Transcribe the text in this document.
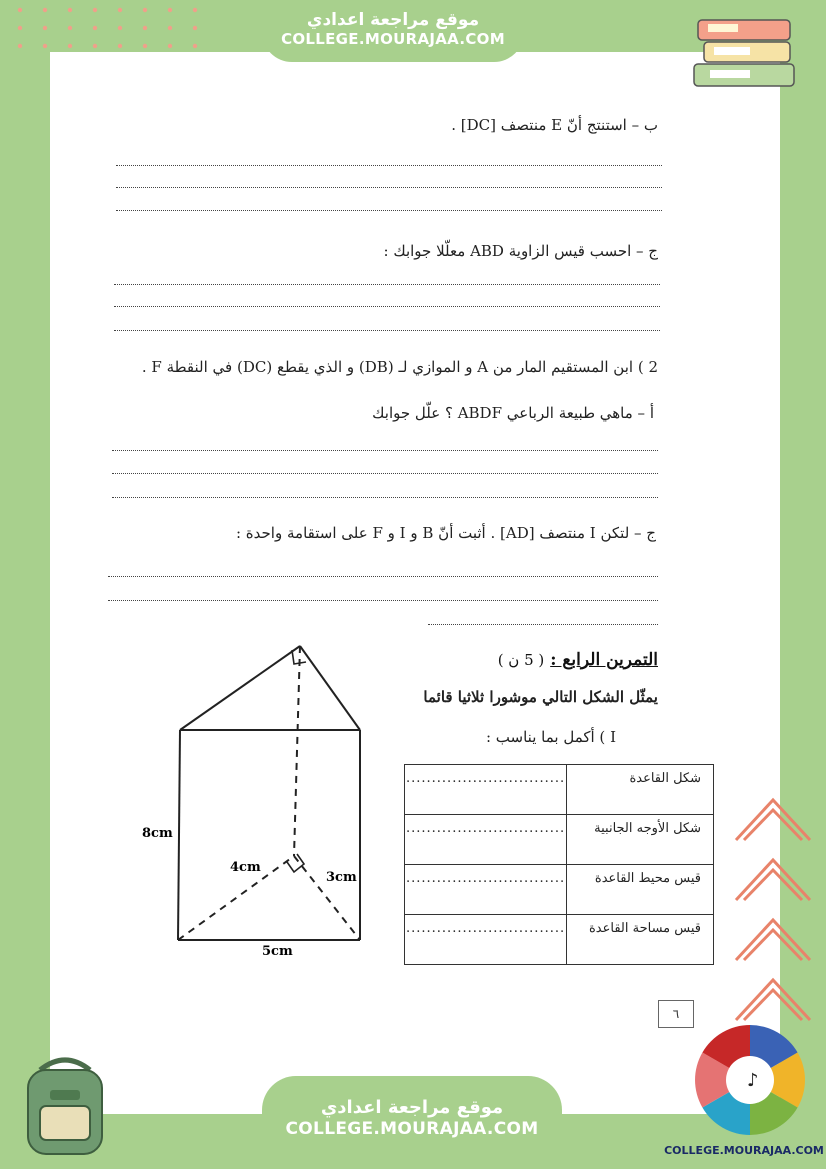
موقع مراجعة اعدادي
COLLEGE.MOURAJAA.COM
ب – استنتج أنّ E منتصف [DC] .
ج – احسب قيس الزاوية ABD معلّلا جوابك :
2 ) ابن المستقيم المار من A و الموازي لـ (DB) و الذي يقطع (DC) في النقطة F .
أ – ماهي طبيعة الرباعي ABDF ؟ علّل جوابك
ج – لتكن I منتصف [AD] . أثبت أنّ B و I و F على استقامة واحدة :
التمرين الرابع : ( 5 ن )
يمثّل الشكل التالي موشورا ثلاثيا قائما
I ) أكمل بما يناسب :
...............................	شكل القاعدة
...............................	شكل الأوجه الجانبية
...............................	قيس محيط القاعدة
...............................	قيس مساحة القاعدة
8cm
4cm
3cm
5cm
٦
♪
COLLEGE.MOURAJAA.COM
موقع مراجعة اعدادي
COLLEGE.MOURAJAA.COM
